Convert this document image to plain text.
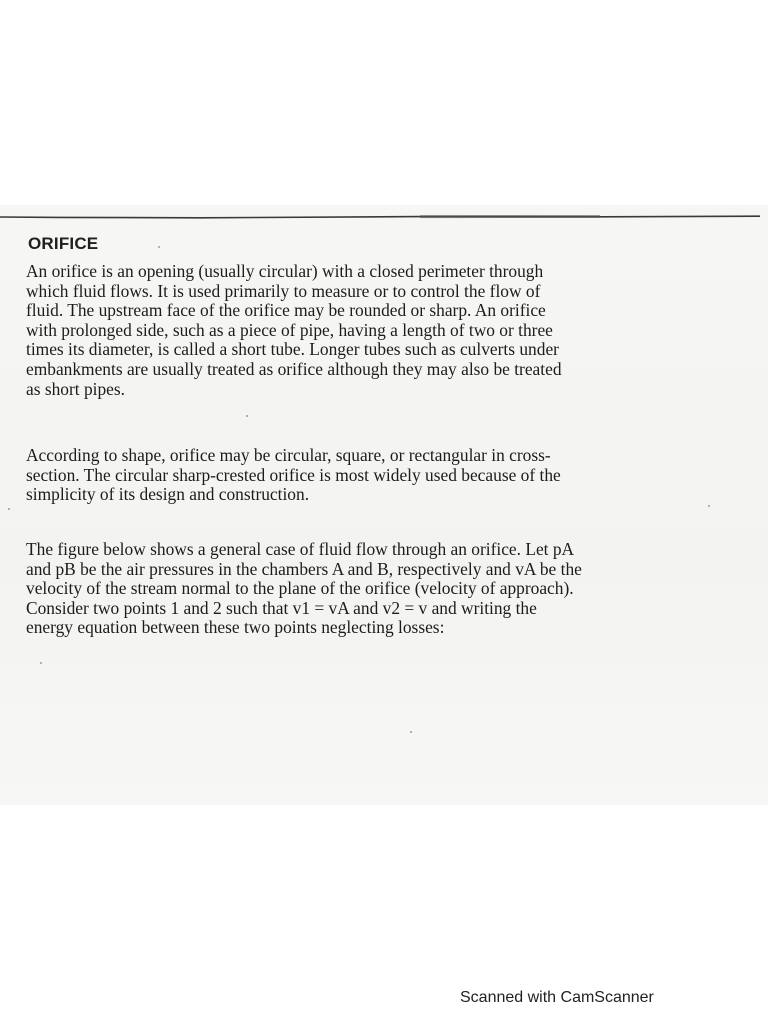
ORIFICE

An orifice is an opening (usually circular) with a closed perimeter through
which fluid flows. It is used primarily to measure or to control the flow of
fluid. The upstream face of the orifice may be rounded or sharp. An orifice
with prolonged side, such as a piece of pipe, having a length of two or three
times its diameter, is called a short tube. Longer tubes such as culverts under
embankments are usually treated as orifice although they may also be treated
as short pipes.

According to shape, orifice may be circular, square, or rectangular in cross-
section. The circular sharp-crested orifice is most widely used because of the
simplicity of its design and construction.

The figure below shows a general case of fluid flow through an orifice. Let pA
and pB be the air pressures in the chambers A and B, respectively and vA be the
velocity of the stream normal to the plane of the orifice (velocity of approach).
Consider two points 1 and 2 such that v1 = vA and v2 = v and writing the
energy equation between these two points neglecting losses:

Scanned with CamScanner
